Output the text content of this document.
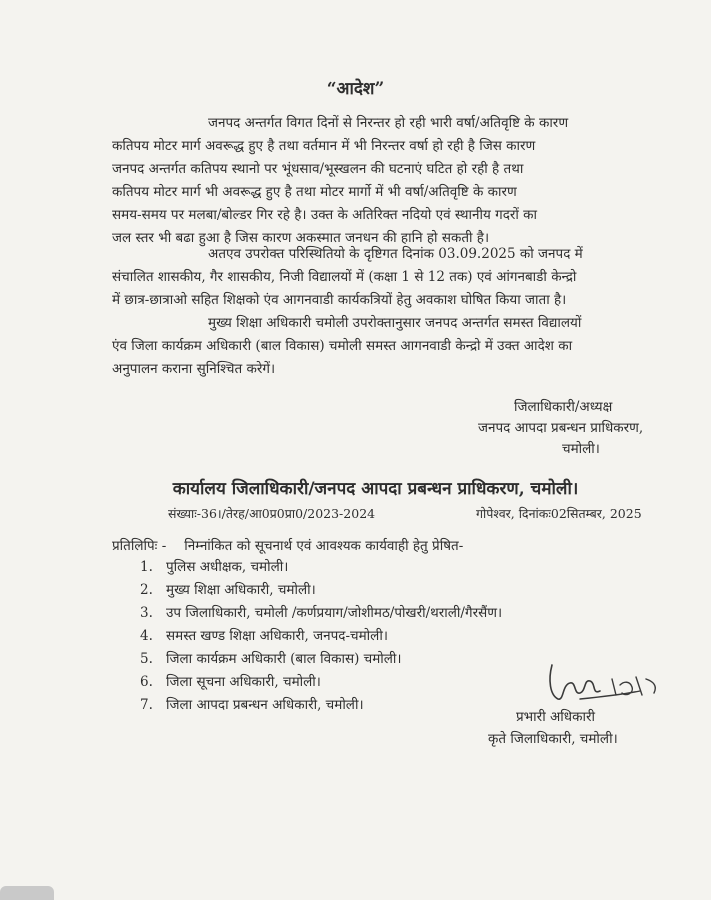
“आदेश”
जनपद अन्तर्गत विगत दिनों से निरन्तर हो रही भारी वर्षा/अतिवृष्टि के कारण
कतिपय मोटर मार्ग अवरूद्ध हुए है तथा वर्तमान में भी निरन्तर वर्षा हो रही है जिस कारण
जनपद अन्तर्गत कतिपय स्थानो पर भूंधसाव/भूस्खलन की घटनाएं घटित हो रही है तथा
कतिपय मोटर मार्ग भी अवरूद्ध हुए है तथा मोटर मार्गो में भी वर्षा/अतिवृष्टि के कारण
समय-समय पर मलबा/बोल्डर गिर रहे है। उक्त के अतिरिक्त नदियो एवं स्थानीय गदरों का
जल स्तर भी बढा हुआ है जिस कारण अकस्मात जनधन की हानि हो सकती है।
अतएव उपरोक्त परिस्थितियो के दृष्टिगत दिनांक 03.09.2025 को जनपद में
संचालित शासकीय, गैर शासकीय, निजी विद्यालयों में (कक्षा 1 से 12 तक) एवं आंगनबाडी केन्द्रो
में छात्र-छात्राओ सहित शिक्षको एंव आगनवाडी कार्यकत्रियों हेतु अवकाश घोषित किया जाता है।
मुख्य शिक्षा अधिकारी चमोली उपरोक्तानुसार जनपद अन्तर्गत समस्त विद्यालयों
एंव जिला कार्यक्रम अधिकारी (बाल विकास) चमोली समस्त आगनवाडी केन्द्रो में उक्त आदेश का
अनुपालन कराना सुनिश्चित करेगें।
जिलाधिकारी/अध्यक्ष
जनपद आपदा प्रबन्धन प्राधिकरण,
चमोली।
कार्यालय जिलाधिकारी/जनपद आपदा प्रबन्धन प्राधिकरण, चमोली।
संख्याः-36।/तेरह/आ0प्र0प्रा0/2023-2024	गोपेश्वर, दिनांकः02सितम्बर, 2025
प्रतिलिपिः - निम्नांकित को सूचनार्थ एवं आवश्यक कार्यवाही हेतु प्रेषित-
1. पुलिस अधीक्षक, चमोली।
2. मुख्य शिक्षा अधिकारी, चमोली।
3. उप जिलाधिकारी, चमोली /कर्णप्रयाग/जोशीमठ/पोखरी/थराली/गैरसैंण।
4. समस्त खण्ड शिक्षा अधिकारी, जनपद-चमोली।
5. जिला कार्यक्रम अधिकारी (बाल विकास) चमोली।
6. जिला सूचना अधिकारी, चमोली।
7. जिला आपदा प्रबन्धन अधिकारी, चमोली।
प्रभारी अधिकारी
कृते जिलाधिकारी, चमोली।
